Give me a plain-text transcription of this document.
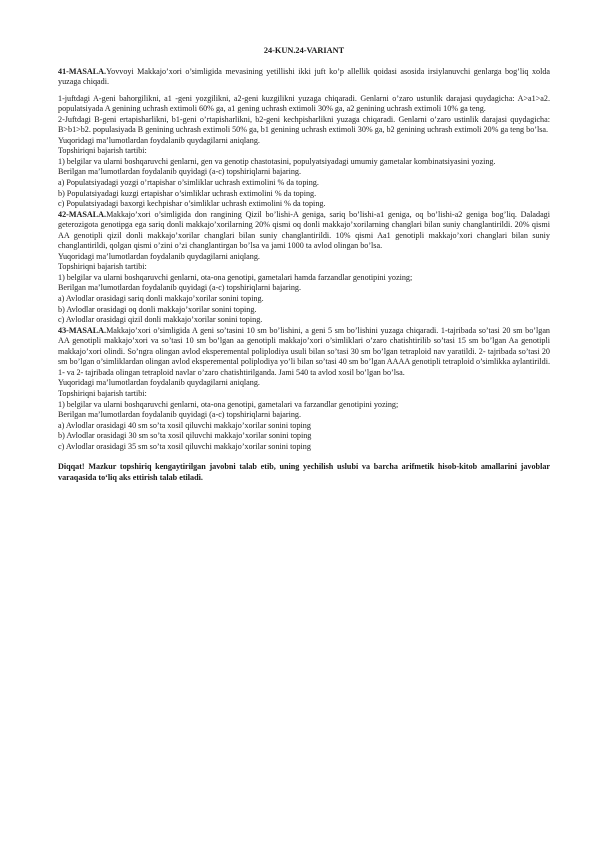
24-KUN.24-VARIANT

41-MASALA.Yovvoyi Makkajo’xori o’simligida mevasining yetillishi ikki juft ko’p allellik qoidasi asosida irsiylanuvchi genlarga bog’liq xolda yuzaga chiqadi.

1-juftdagi A-geni bahorgilikni, a1 -geni yozgilikni, a2-geni kuzgilikni yuzaga chiqaradi. Genlarni o’zaro ustunlik darajasi quydagicha: A>a1>a2. populatsiyada A genining uchrash extimoli 60% ga, a1 gening uchrash extimoli 30% ga, a2 genining uchrash extimoli 10% ga teng.

2-Juftdagi B-geni ertapisharlikni, b1-geni o’rtapisharlikni, b2-geni kechpisharlikni yuzaga chiqaradi. Genlarni o’zaro ustinlik darajasi quydagicha: B>b1>b2. populasiyada B genining uchrash extimoli 50% ga, b1 genining uchrash extimoli 30% ga, b2 genining uchrash extimoli 20% ga teng bo’lsa.

Yuqoridagi ma’lumotlardan foydalanib quydagilarni aniqlang.

Topshiriqni bajarish tartibi:

1) belgilar va ularni boshqaruvchi genlarni, gen va genotip chastotasini, populyatsiyadagi umumiy gametalar kombinatsiyasini yozing.

Berilgan ma’lumotlardan foydalanib quyidagi (a-c) topshiriqlarni bajaring.

a) Populatsiyadagi yozgi o’rtapishar o’simliklar uchrash extimolini % da toping.

b) Populatsiyadagi kuzgi ertapishar o’simliklar uchrash extimolini % da toping.

c) Populatsiyadagi baxorgi kechpishar o’simliklar uchrash extimolini % da toping.

42-MASALA.Makkajo’xori o’simligida don rangining Qizil bo’lishi-A geniga, sariq bo’lishi-a1 geniga, oq bo’lishi-a2 geniga bog’liq. Daladagi geterozigota genotipga ega sariq donli makkajo’xorilarning 20% qismi oq donli makkajo’xorilarning changlari bilan suniy changlantirildi. 20% qismi AA genotipli qizil donli makkajo’xorilar changlari bilan suniy changlantirildi. 10% qismi Aa1 genotipli makkajo’xori changlari bilan suniy changlantirildi, qolgan qismi o’zini o’zi changlantirgan bo’lsa va jami 1000 ta avlod olingan bo’lsa.

Yuqoridagi ma’lumotlardan foydalanib quydagilarni aniqlang.

Topshiriqni bajarish tartibi:

1) belgilar va ularni boshqaruvchi genlarni, ota-ona genotipi, gametalari hamda farzandlar genotipini yozing;

Berilgan ma’lumotlardan foydalanib quyidagi (a-c) topshiriqlarni bajaring.

a) Avlodlar orasidagi sariq donli makkajo’xorilar sonini toping.

b) Avlodlar orasidagi oq donli makkajo’xorilar sonini toping.

c) Avlodlar orasidagi qizil donli makkajo’xorilar sonini toping.

43-MASALA.Makkajo’xori o’simligida A geni so’tasini 10 sm bo’lishini, a geni 5 sm bo’lishini yuzaga chiqaradi. 1-tajribada so’tasi 20 sm bo’lgan AA genotipli makkajo’xori va so’tasi 10 sm bo’lgan aa genotipli makkajo’xori o’simliklari o’zaro chatishtirilib so’tasi 15 sm bo’lgan Aa genotipli makkajo’xori olindi. So’ngra olingan avlod eksperemental poliplodiya usuli bilan so’tasi 30 sm bo’lgan tetraploid nav yaratildi. 2- tajribada so’tasi 20 sm bo’lgan o’simliklardan olingan avlod eksperemental poliplodiya yo’li bilan so’tasi 40 sm bo’lgan AAAA genotipli tetraploid o’simlikka aylantirildi. 1- va 2- tajribada olingan tetraploid navlar o’zaro chatishtirilganda. Jami 540 ta avlod xosil bo’lgan bo’lsa.

Yuqoridagi ma’lumotlardan foydalanib quydagilarni aniqlang.

Topshiriqni bajarish tartibi:

1) belgilar va ularni boshqaruvchi genlarni, ota-ona genotipi, gametalari va farzandlar genotipini yozing;

Berilgan ma’lumotlardan foydalanib quyidagi (a-c) topshiriqlarni bajaring.

a) Avlodlar orasidagi 40 sm so’ta xosil qiluvchi makkajo’xorilar sonini toping

b) Avlodlar orasidagi 30 sm so’ta xosil qiluvchi makkajo’xorilar sonini toping

c) Avlodlar orasidagi 35 sm so’ta xosil qiluvchi makkajo’xorilar sonini toping

Diqqat! Mazkur topshiriq kengaytirilgan javobni talab etib, uning yechilish uslubi va barcha arifmetik hisob-kitob amallarini javoblar varaqasida to‘liq aks ettirish talab etiladi.
